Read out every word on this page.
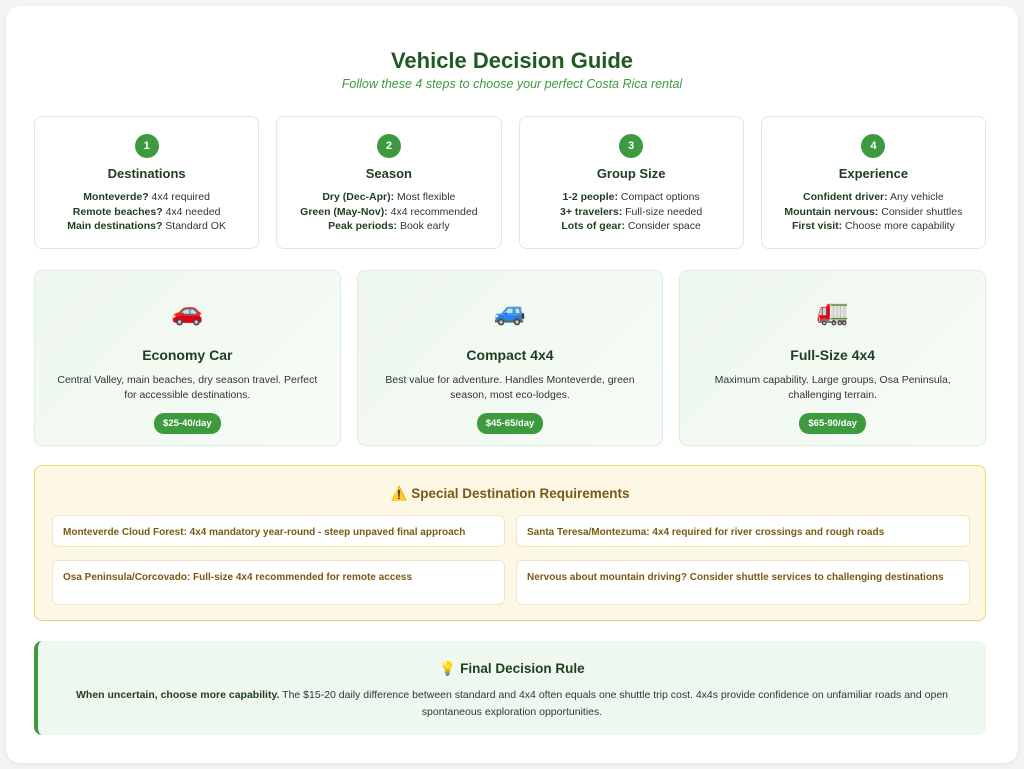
Vehicle Decision Guide
Follow these 4 steps to choose your perfect Costa Rica rental
1
Destinations
Monteverde? 4x4 required
Remote beaches? 4x4 needed
Main destinations? Standard OK
2
Season
Dry (Dec-Apr): Most flexible
Green (May-Nov): 4x4 recommended
Peak periods: Book early
3
Group Size
1-2 people: Compact options
3+ travelers: Full-size needed
Lots of gear: Consider space
4
Experience
Confident driver: Any vehicle
Mountain nervous: Consider shuttles
First visit: Choose more capability
🚗
Economy Car
Central Valley, main beaches, dry season travel. Perfect for accessible destinations.
$25-40/day
🚙
Compact 4x4
Best value for adventure. Handles Monteverde, green season, most eco-lodges.
$45-65/day
🚛
Full-Size 4x4
Maximum capability. Large groups, Osa Peninsula, challenging terrain.
$65-90/day
⚠️ Special Destination Requirements
Monteverde Cloud Forest: 4x4 mandatory year-round - steep unpaved final approach	Santa Teresa/Montezuma: 4x4 required for river crossings and rough roads
Osa Peninsula/Corcovado: Full-size 4x4 recommended for remote access	Nervous about mountain driving? Consider shuttle services to challenging destinations
💡 Final Decision Rule
When uncertain, choose more capability. The $15-20 daily difference between standard and 4x4 often equals one shuttle trip cost. 4x4s provide confidence on unfamiliar roads and open spontaneous exploration opportunities.
